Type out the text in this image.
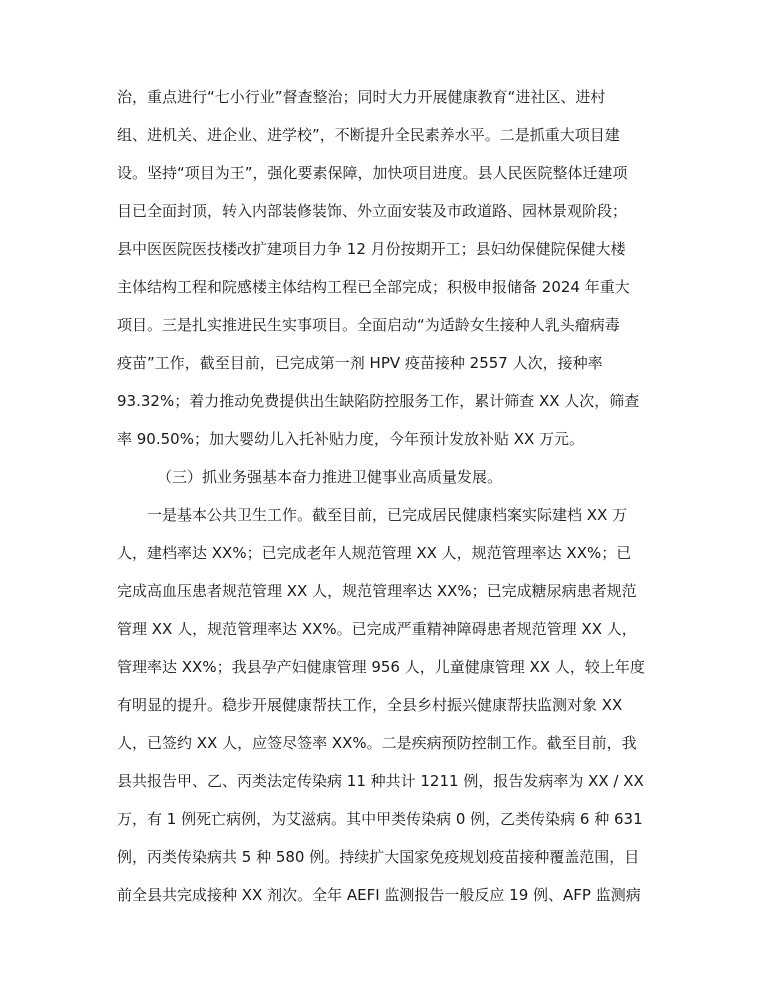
治，重点进行“七小行业”督查整治；同时大力开展健康教育“进社区、进村
组、进机关、进企业、进学校”，不断提升全民素养水平。二是抓重大项目建
设。坚持“项目为王”，强化要素保障，加快项目进度。县人民医院整体迁建项
目已全面封顶，转入内部装修装饰、外立面安装及市政道路、园林景观阶段；
县中医医院医技楼改扩建项目力争 12 月份按期开工；县妇幼保健院保健大楼
主体结构工程和院感楼主体结构工程已全部完成；积极申报储备 2024 年重大
项目。三是扎实推进民生实事项目。全面启动“为适龄女生接种人乳头瘤病毒
疫苗”工作，截至目前，已完成第一剂 HPV 疫苗接种 2557 人次，接种率
93.32%；着力推动免费提供出生缺陷防控服务工作，累计筛查 XX 人次，筛查
率 90.50%；加大婴幼儿入托补贴力度，今年预计发放补贴 XX 万元。
（三）抓业务强基本奋力推进卫健事业高质量发展。
一是基本公共卫生工作。截至目前，已完成居民健康档案实际建档 XX 万
人，建档率达 XX%；已完成老年人规范管理 XX 人，规范管理率达 XX%；已
完成高血压患者规范管理 XX 人，规范管理率达 XX%；已完成糖尿病患者规范
管理 XX 人，规范管理率达 XX%。已完成严重精神障碍患者规范管理 XX 人，
管理率达 XX%；我县孕产妇健康管理 956 人，儿童健康管理 XX 人，较上年度
有明显的提升。稳步开展健康帮扶工作，全县乡村振兴健康帮扶监测对象 XX
人，已签约 XX 人，应签尽签率 XX%。二是疾病预防控制工作。截至目前，我
县共报告甲、乙、丙类法定传染病 11 种共计 1211 例，报告发病率为 XX / XX
万，有 1 例死亡病例，为艾滋病。其中甲类传染病 0 例，乙类传染病 6 种 631
例，丙类传染病共 5 种 580 例。持续扩大国家免疫规划疫苗接种覆盖范围，目
前全县共完成接种 XX 剂次。全年 AEFI 监测报告一般反应 19 例、AFP 监测病
